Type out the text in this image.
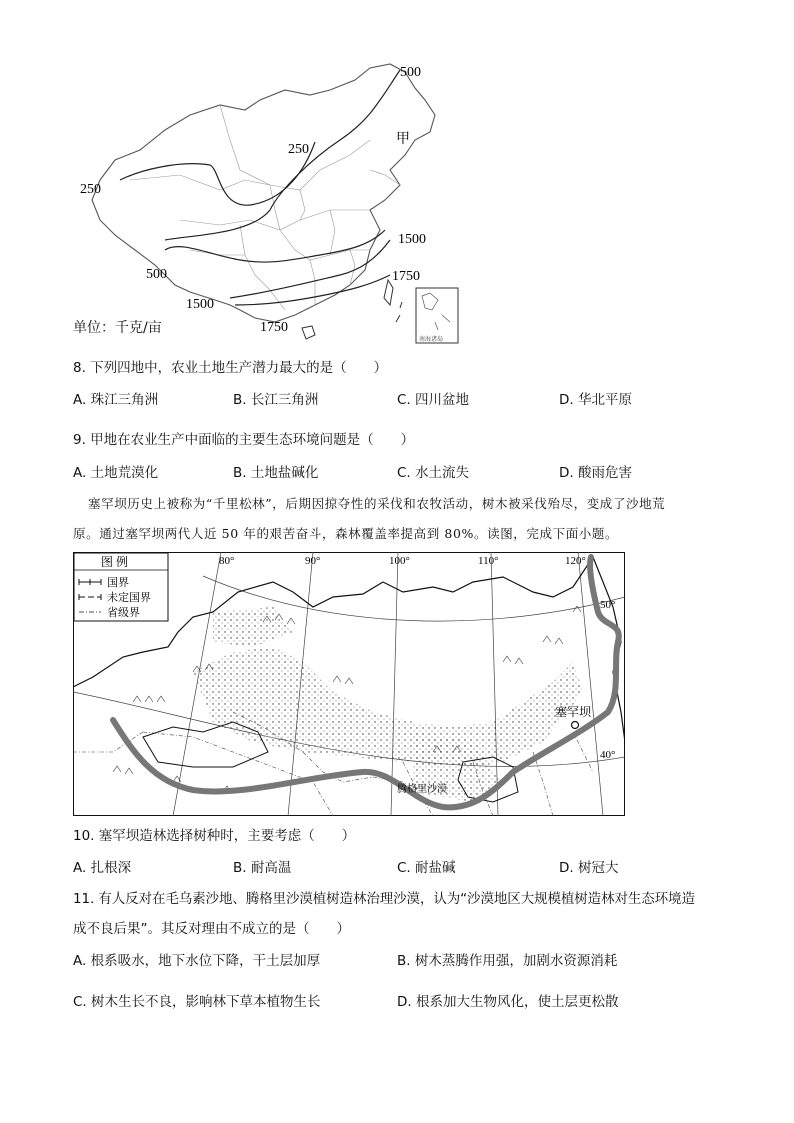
南海诸岛
500
250
250
甲
1500
500	1750
1500
1750
单位：千克/亩
8. 下列四地中，农业土地生产潜力最大的是（　　）
A. 珠江三角洲	B. 长江三角洲	C. 四川盆地	D. 华北平原
9. 甲地在农业生产中面临的主要生态环境问题是（　　）
A. 土地荒漠化	B. 土地盐碱化	C. 水土流失	D. 酸雨危害
塞罕坝历史上被称为“千里松林”，后期因掠夺性的采伐和农牧活动，树木被采伐殆尽，变成了沙地荒
原。通过塞罕坝两代人近 50 年的艰苦奋斗，森林覆盖率提高到 80%。读图，完成下面小题。
塞罕坝
腾格里沙漠
80°	90°	100°	110°	120°
50°
40°
图 例
国界
未定国界
省级界
10. 塞罕坝造林选择树种时，主要考虑（　　）
A. 扎根深	B. 耐高温	C. 耐盐碱	D. 树冠大
11. 有人反对在毛乌素沙地、腾格里沙漠植树造林治理沙漠，认为“沙漠地区大规模植树造林对生态环境造
成不良后果”。其反对理由不成立的是（　　）
A. 根系吸水，地下水位下降，干土层加厚	B. 树木蒸腾作用强，加剧水资源消耗
C. 树木生长不良，影响林下草本植物生长	D. 根系加大生物风化，使土层更松散
